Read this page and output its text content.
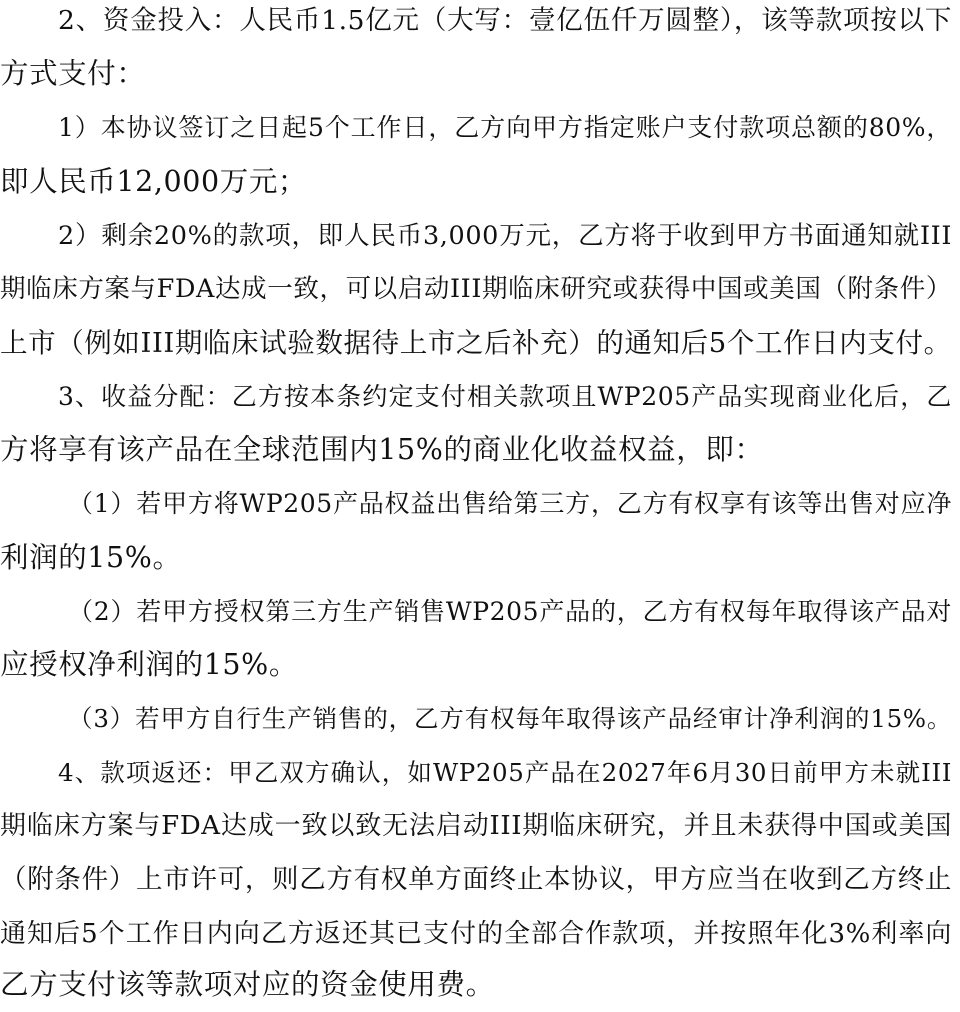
2、资金投入：人民币1.5亿元（大写：壹亿伍仟万圆整），该等款项按以下
方式支付：
1）本协议签订之日起5个工作日，乙方向甲方指定账户支付款项总额的80%，
即人民币12,000万元；
2）剩余20%的款项，即人民币3,000万元，乙方将于收到甲方书面通知就III
期临床方案与FDA达成一致，可以启动III期临床研究或获得中国或美国（附条件）
上市（例如III期临床试验数据待上市之后补充）的通知后5个工作日内支付。
3、收益分配：乙方按本条约定支付相关款项且WP205产品实现商业化后，乙
方将享有该产品在全球范围内15%的商业化收益权益，即：
（1）若甲方将WP205产品权益出售给第三方，乙方有权享有该等出售对应净
利润的15%。
（2）若甲方授权第三方生产销售WP205产品的，乙方有权每年取得该产品对
应授权净利润的15%。
（3）若甲方自行生产销售的，乙方有权每年取得该产品经审计净利润的15%。
4、款项返还：甲乙双方确认，如WP205产品在2027年6月30日前甲方未就III
期临床方案与FDA达成一致以致无法启动III期临床研究，并且未获得中国或美国
（附条件）上市许可，则乙方有权单方面终止本协议，甲方应当在收到乙方终止
通知后5个工作日内向乙方返还其已支付的全部合作款项，并按照年化3%利率向
乙方支付该等款项对应的资金使用费。
